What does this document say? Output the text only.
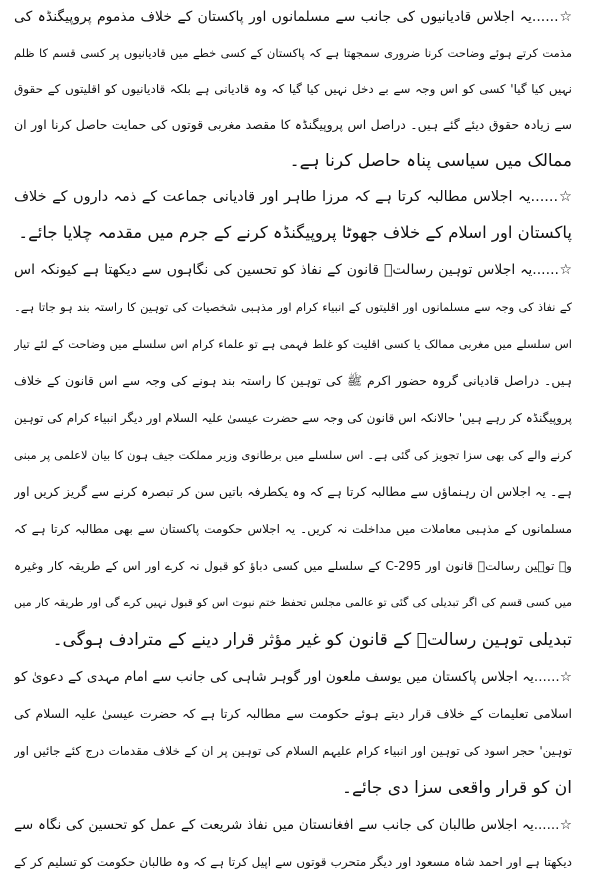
☆......یہ اجلاس قادیانیوں کی جانب سے مسلمانوں اور پاکستان کے خلاف مذموم پروپیگنڈہ کی
مذمت کرتے ہوئے وضاحت کرنا ضروری سمجھتا ہے کہ پاکستان کے کسی خطے میں قادیانیوں پر کسی قسم کا ظلم
نہیں کیا گیا' کسی کو اس وجہ سے بے دخل نہیں کیا گیا کہ وہ قادیانی ہے بلکہ قادیانیوں کو اقلیتوں کے حقوق
سے زیادہ حقوق دیئے گئے ہیں۔ دراصل اس پروپیگنڈہ کا مقصد مغربی قوتوں کی حمایت حاصل کرنا اور ان
ممالک میں سیاسی پناہ حاصل کرنا ہے۔
☆......یہ اجلاس مطالبہ کرتا ہے کہ مرزا طاہر اور قادیانی جماعت کے ذمہ داروں کے خلاف
پاکستان اور اسلام کے خلاف جھوٹا پروپیگنڈہ کرنے کے جرم میں مقدمہ چلایا جائے۔
☆......یہ اجلاس توہین رسالتؐ قانون کے نفاذ کو تحسین کی نگاہوں سے دیکھتا ہے کیونکہ اس
کے نفاذ کی وجہ سے مسلمانوں اور اقلیتوں کے انبیاء کرام اور مذہبی شخصیات کی توہین کا راستہ بند ہو جاتا ہے۔
اس سلسلے میں مغربی ممالک یا کسی اقلیت کو غلط فہمی ہے تو علماء کرام اس سلسلے میں وضاحت کے لئے تیار
ہیں۔ دراصل قادیانی گروہ حضور اکرم ﷺ کی توہین کا راستہ بند ہونے کی وجہ سے اس قانون کے خلاف
پروپیگنڈہ کر رہے ہیں' حالانکہ اس قانون کی وجہ سے حضرت عیسیٰ علیہ السلام اور دیگر انبیاء کرام کی توہین
کرنے والے کی بھی سزا تجویز کی گئی ہے۔ اس سلسلے میں برطانوی وزیر مملکت جیف ہون کا بیان لاعلمی پر مبنی
ہے۔ یہ اجلاس ان رہنماؤں سے مطالبہ کرتا ہے کہ وہ یکطرفہ باتیں سن کر تبصرہ کرنے سے گریز کریں اور
مسلمانوں کے مذہبی معاملات میں مداخلت نہ کریں۔ یہ اجلاس حکومت پاکستان سے بھی مطالبہ کرتا ہے کہ
وہ توہین رسالتؐ قانون اور C-295 کے سلسلے میں کسی دباؤ کو قبول نہ کرے اور اس کے طریقہ کار وغیرہ
میں کسی قسم کی اگر تبدیلی کی گئی تو عالمی مجلس تحفظ ختم نبوت اس کو قبول نہیں کرے گی اور طریقہ کار میں
تبدیلی توہین رسالتؐ کے قانون کو غیر مؤثر قرار دینے کے مترادف ہوگی۔
☆......یہ اجلاس پاکستان میں یوسف ملعون اور گوہر شاہی کی جانب سے امام مہدی کے دعویٰ کو
اسلامی تعلیمات کے خلاف قرار دیتے ہوئے حکومت سے مطالبہ کرتا ہے کہ حضرت عیسیٰ علیہ السلام کی
توہین' حجر اسود کی توہین اور انبیاء کرام علیہم السلام کی توہین پر ان کے خلاف مقدمات درج کئے جائیں اور
ان کو قرار واقعی سزا دی جائے۔
☆......یہ اجلاس طالبان کی جانب سے افغانستان میں نفاذ شریعت کے عمل کو تحسین کی نگاہ سے
دیکھتا ہے اور احمد شاہ مسعود اور دیگر متحرب قوتوں سے اپیل کرتا ہے کہ وہ طالبان حکومت کو تسلیم کر کے
